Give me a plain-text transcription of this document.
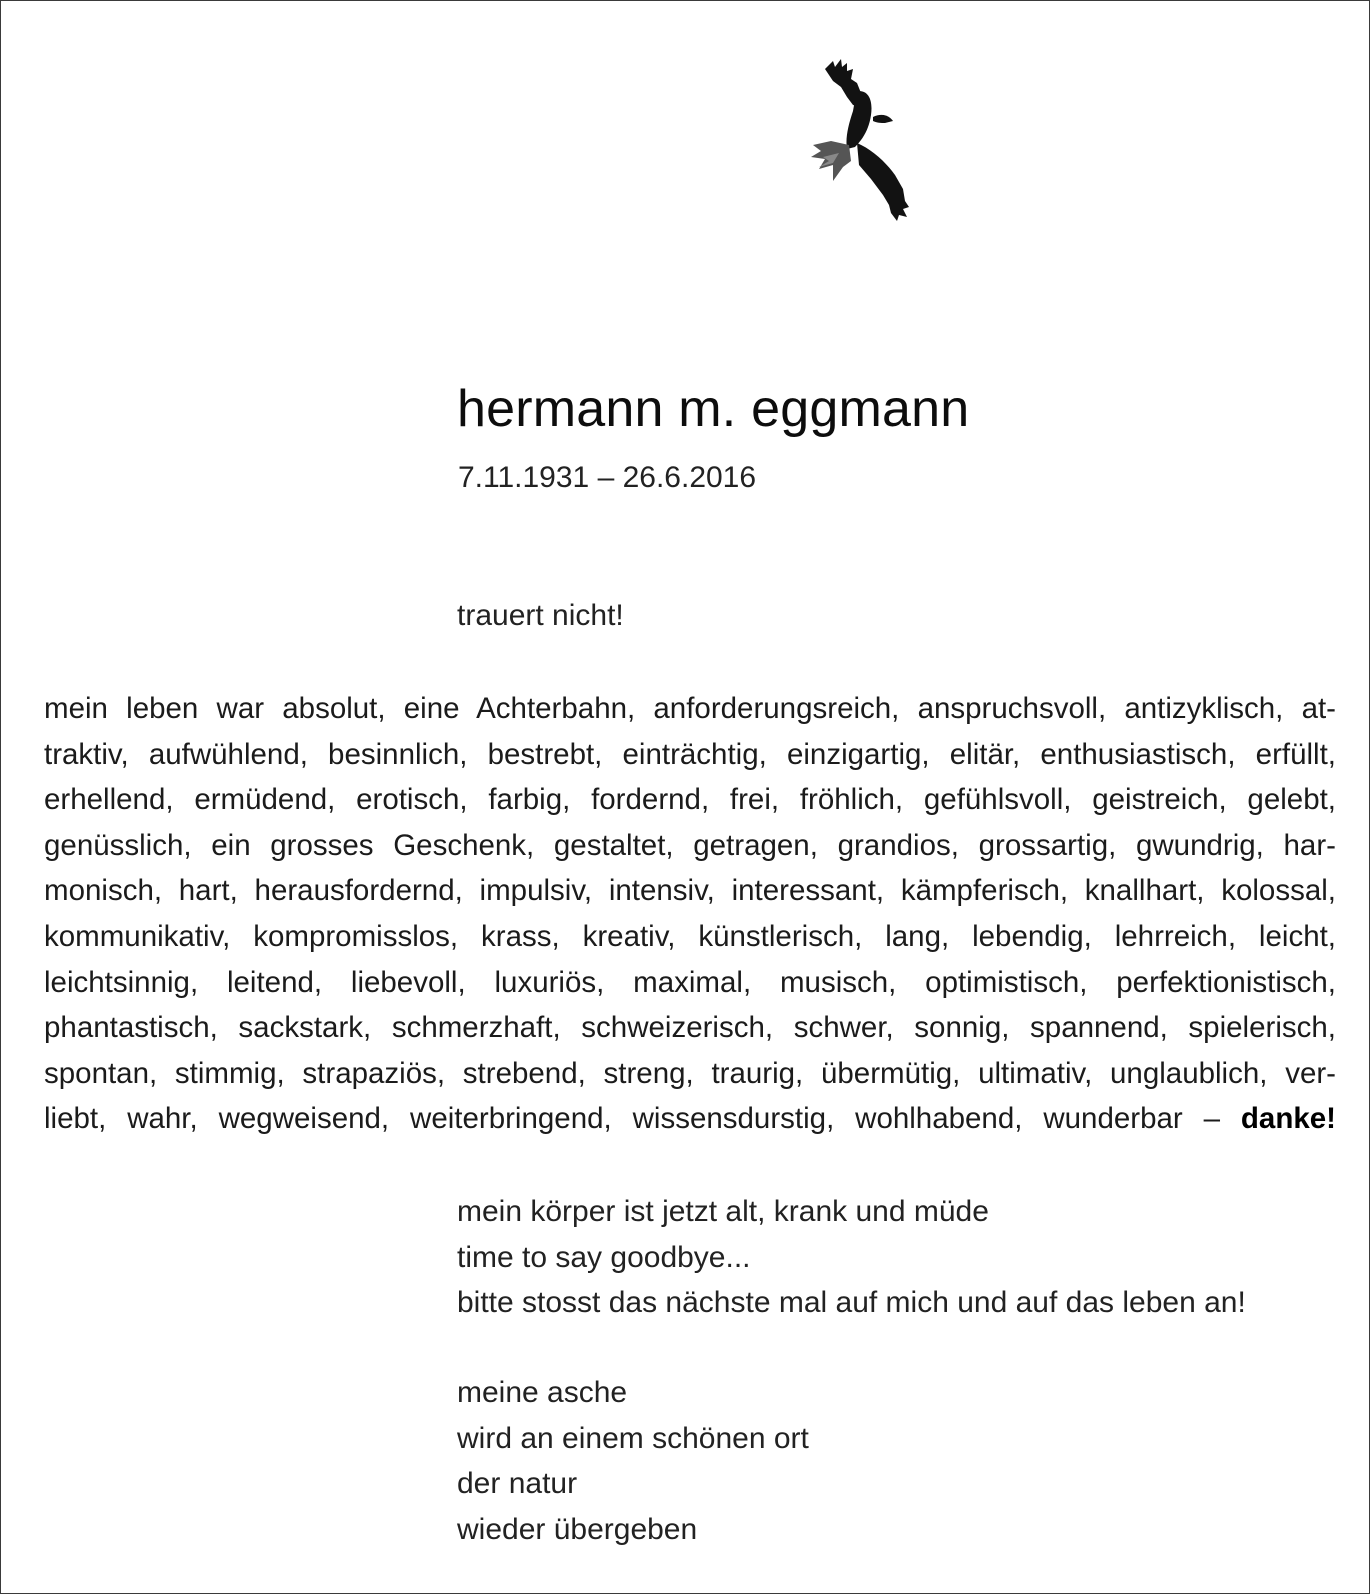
hermann m. eggmann
7.11.1931 – 26.6.2016
trauert nicht!
mein leben war absolut, eine Achterbahn, anforderungsreich, anspruchsvoll, antizyklisch, at-
traktiv, aufwühlend, besinnlich, bestrebt, einträchtig, einzigartig, elitär, enthusiastisch, erfüllt,
erhellend, ermüdend, erotisch, farbig, fordernd, frei, fröhlich, gefühlsvoll, geistreich, gelebt,
genüsslich, ein grosses Geschenk, gestaltet, getragen, grandios, grossartig, gwundrig, har-
monisch, hart, herausfordernd, impulsiv, intensiv, interessant, kämpferisch, knallhart, kolossal,
kommunikativ, kompromisslos, krass, kreativ, künstlerisch, lang, lebendig, lehrreich, leicht,
leichtsinnig, leitend, liebevoll, luxuriös, maximal, musisch, optimistisch, perfektionistisch,
phantastisch, sackstark, schmerzhaft, schweizerisch, schwer, sonnig, spannend, spielerisch,
spontan, stimmig, strapaziös, strebend, streng, traurig, übermütig, ultimativ, unglaublich, ver-
liebt, wahr, wegweisend, weiterbringend, wissensdurstig, wohlhabend, wunderbar – danke!
mein körper ist jetzt alt, krank und müde
time to say goodbye...
bitte stosst das nächste mal auf mich und auf das leben an!
meine asche
wird an einem schönen ort
der natur
wieder übergeben
